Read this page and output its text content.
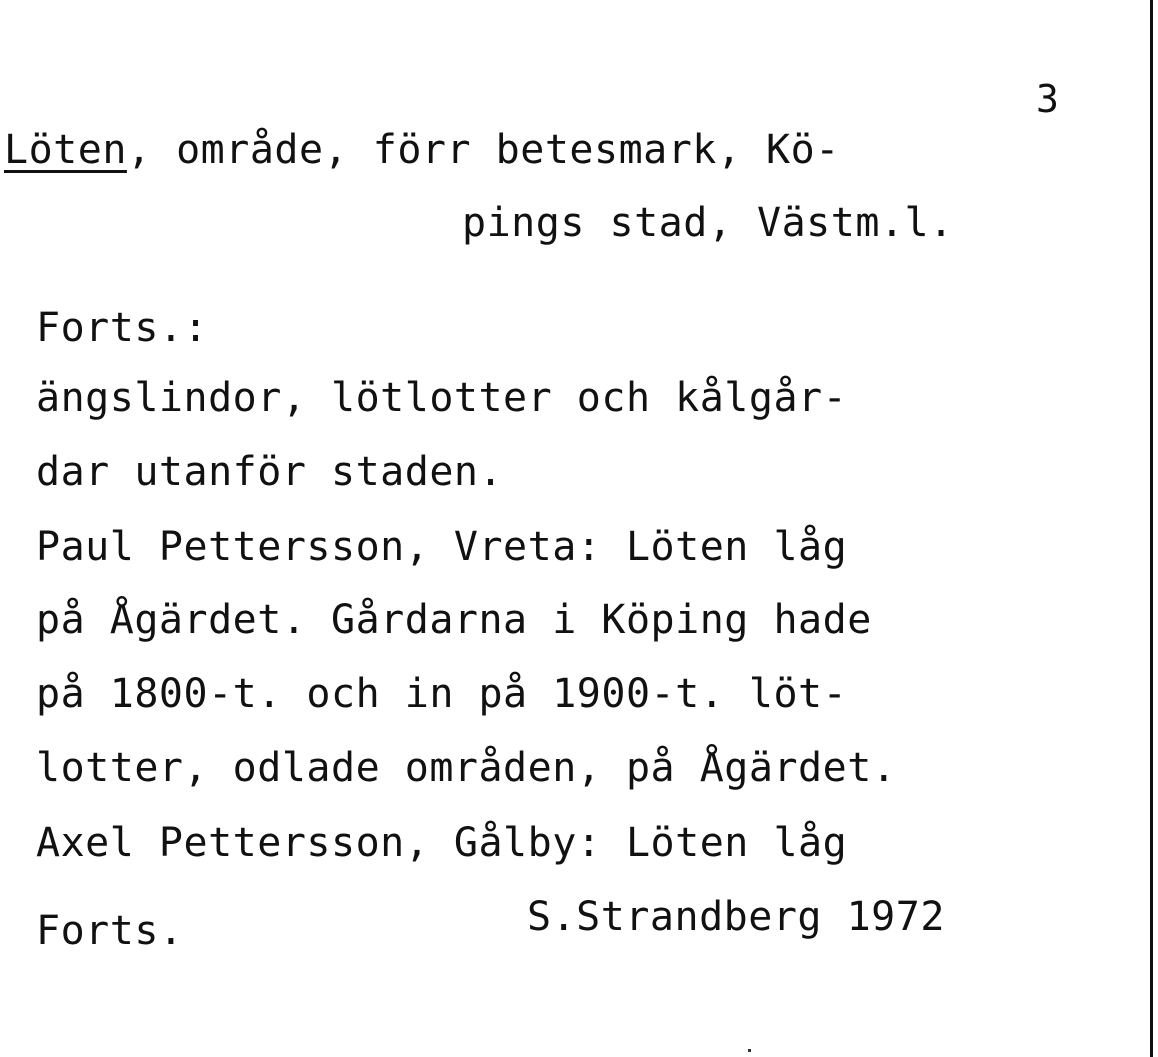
3
Löten, område, förr betesmark, Kö-
pings stad, Västm.l.
Forts.:
ängslindor, lötlotter och kålgår-
dar utanför staden.
Paul Pettersson, Vreta: Löten låg
på Ågärdet. Gårdarna i Köping hade
på 1800-t. och in på 1900-t. löt-
lotter, odlade områden, på Ågärdet.
Axel Pettersson, Gålby: Löten låg
Forts.	S.Strandberg 1972
